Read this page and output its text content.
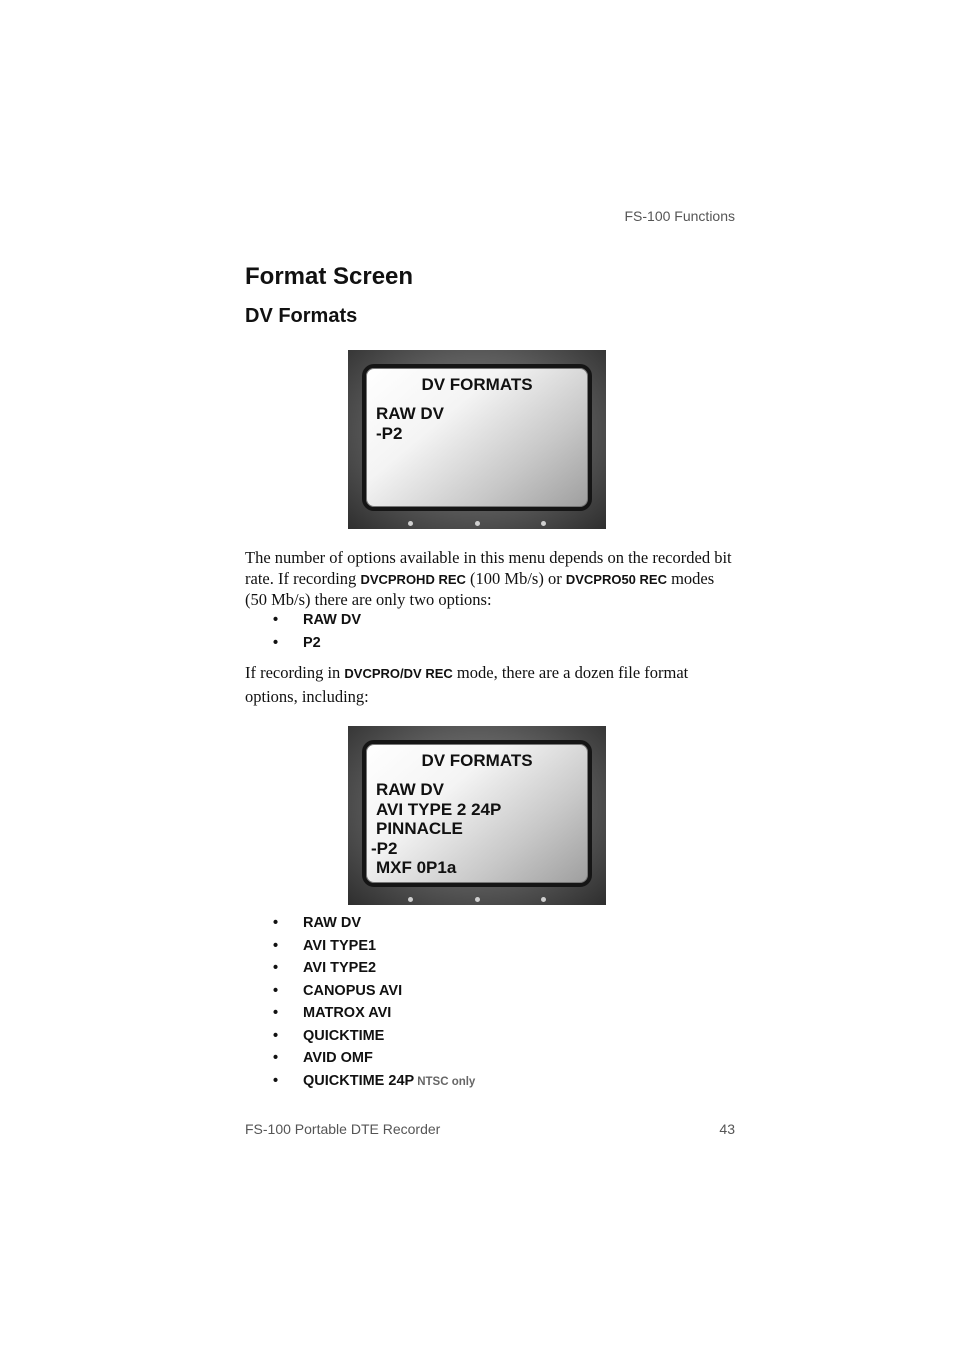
FS-100 Functions
Format Screen
DV Formats
DV FORMATS
RAW DV
-P2

The number of options available in this menu depends on the recorded bit rate. If recording DVCPROHD REC (100 Mb/s) or DVCPRO50 REC modes (50 Mb/s) there are only two options:

• RAW DV
• P2

If recording in DVCPRO/DV REC mode, there are a dozen file format options, including:

DV FORMATS
RAW DV
AVI TYPE 2 24P
PINNACLE
-P2
MXF 0P1a
• RAW DV
• AVI TYPE1
• AVI TYPE2
• CANOPUS AVI
• MATROX AVI
• QUICKTIME
• AVID OMF
• QUICKTIME 24P NTSC only
FS-100 Portable DTE Recorder	43
